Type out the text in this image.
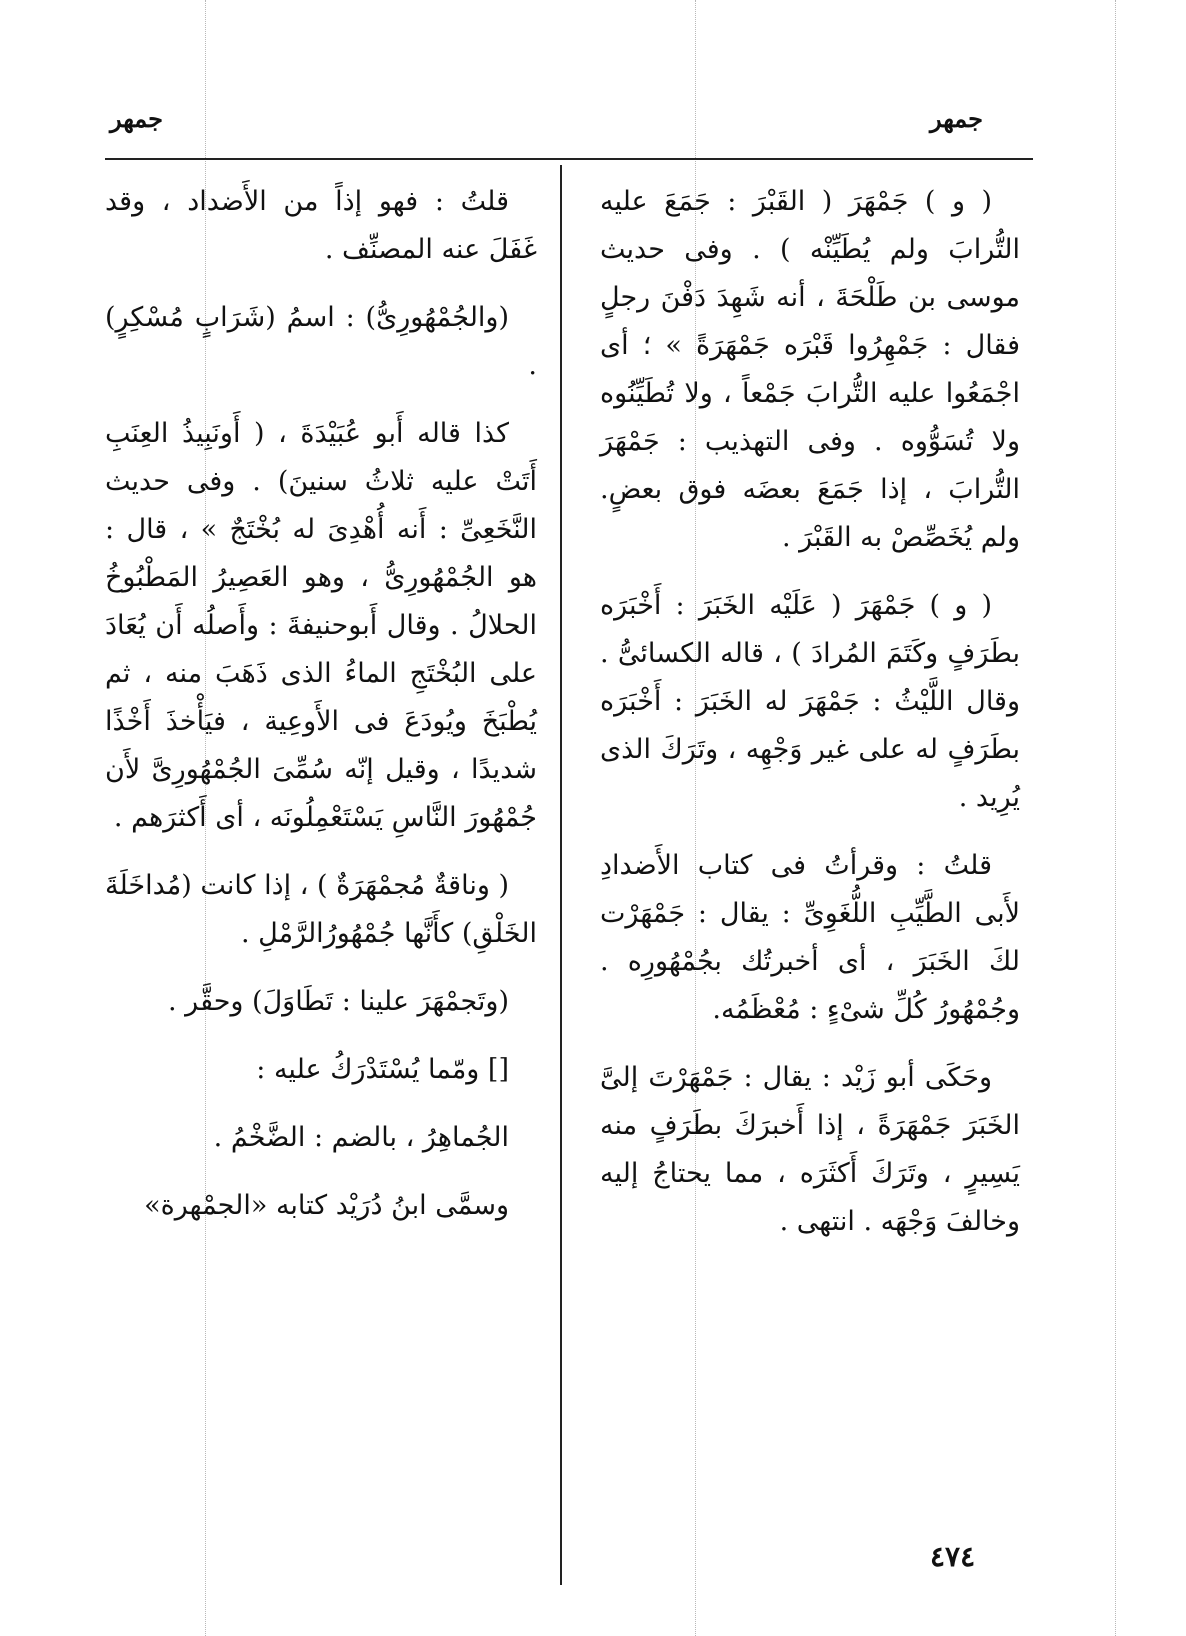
جمهر
جمهر

( و ) جَمْهَرَ ( القَبْرَ : جَمَعَ عليه التُّرابَ ولم يُطَيِّنْه ) . وفى حديث موسى بن طَلْحَةَ ، أنه شَهِدَ دَفْنَ رجلٍ فقال : جَمْهِرُوا قَبْرَه جَمْهَرَةً » ؛ أى اجْمَعُوا عليه التُّرابَ جَمْعاً ، ولا تُطَيِّنُوه ولا تُسَوُّوه . وفى التهذيب : جَمْهَرَ التُّرابَ ، إذا جَمَعَ بعضَه فوق بعضٍ. ولم يُخَصِّصْ به القَبْرَ .

( و ) جَمْهَرَ ( عَلَيْه الخَبَرَ : أَخْبَرَه بطَرَفٍ وكَتَمَ المُرادَ ) ، قاله الكسائىُّ . وقال اللَّيْثُ : جَمْهَرَ له الخَبَرَ : أَخْبَرَه بطَرَفٍ له على غير وَجْهِه ، وتَرَكَ الذى يُرِيد .

قلتُ : وقرأتُ فى كتاب الأَضدادِ لأَبى الطَّيِّبِ اللُّغَوِىِّ : يقال : جَمْهَرْت لكَ الخَبَرَ ، أى أخبرتُك بجُمْهُورِه . وجُمْهُورُ كُلِّ شىْءٍ : مُعْظَمُه.

وحَكَى أبو زَيْد : يقال : جَمْهَرْتَ إلىَّ الخَبَرَ جَمْهَرَةً ، إذا أَخبرَكَ بطَرَفٍ منه يَسِيرٍ ، وتَرَكَ أَكثَرَه ، مما يحتاجُ إليه وخالفَ وَجْهَه . انتهى .

قلتُ : فهو إذاً من الأَضداد ، وقد غَفَلَ عنه المصنِّف .

(والجُمْهُورِىُّ) : اسمُ (شَرَابٍ مُسْكِرٍ) .

كذا قاله أَبو عُبَيْدَةَ ، ( أَونَبِيذُ العِنَبِ أَتَتْ عليه ثلاثُ سنينَ) . وفى حديث النَّخَعِىِّ : أَنه أُهْدِىَ له بُخْتَجٌ » ، قال : هو الجُمْهُورِىُّ ، وهو العَصِيرُ المَطْبُوخُ الحلالُ . وقال أَبوحنيفةَ : وأَصلُه أَن يُعَادَ على البُخْتَجِ الماءُ الذى ذَهَبَ منه ، ثم يُطْبَخَ ويُودَعَ فى الأَوعِية ، فيَأْخذَ أَخْذًا شديدًا ، وقيل إنّه سُمِّىَ الجُمْهُورِىَّ لأَن جُمْهُورَ النَّاسِ يَسْتَعْمِلُونَه ، أى أَكثرَهم .

( وناقةٌ مُجمْهَرَةٌ ) ، إذا كانت (مُداخَلَةَ الخَلْقِ) كأَنَّها جُمْهُورُالرَّمْلِ .

(وتَجمْهَرَ علينا : تَطَاوَلَ) وحقَّر .

[] ومّما يُسْتَدْرَكُ عليه :

الجُماهِرُ ، بالضم : الضَّخْمُ .

وسمَّى ابنُ دُرَيْد كتابه «الجمْهرة»

٤٧٤
